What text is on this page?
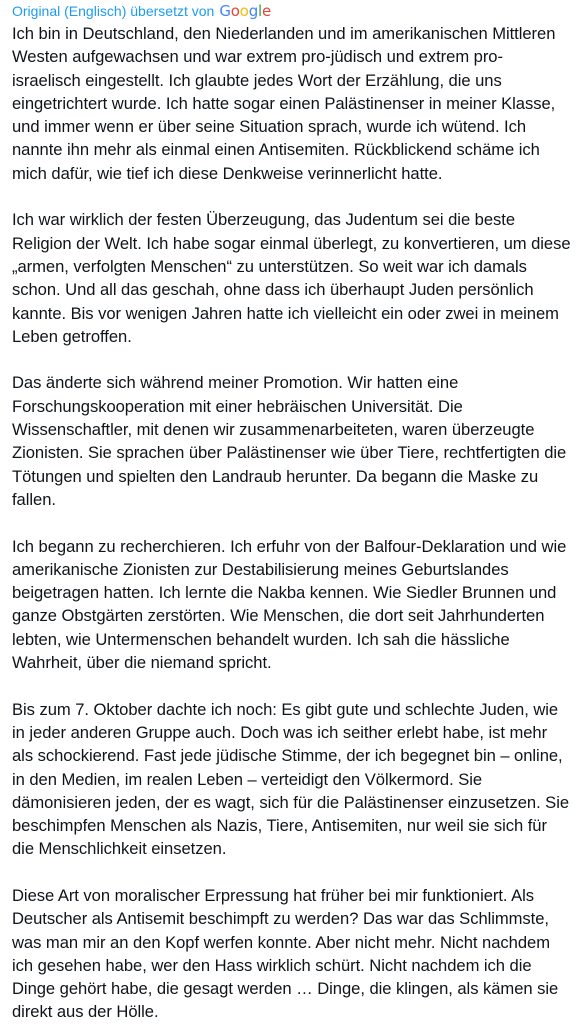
Original (Englisch) übersetzt von Google

Ich bin in Deutschland, den Niederlanden und im amerikanischen Mittleren Westen aufgewachsen und war extrem pro-jüdisch und extrem pro-israelisch eingestellt. Ich glaubte jedes Wort der Erzählung, die uns eingetrichtert wurde. Ich hatte sogar einen Palästinenser in meiner Klasse, und immer wenn er über seine Situation sprach, wurde ich wütend. Ich nannte ihn mehr als einmal einen Antisemiten. Rückblickend schäme ich mich dafür, wie tief ich diese Denkweise verinnerlicht hatte.

Ich war wirklich der festen Überzeugung, das Judentum sei die beste Religion der Welt. Ich habe sogar einmal überlegt, zu konvertieren, um diese „armen, verfolgten Menschen“ zu unterstützen. So weit war ich damals schon. Und all das geschah, ohne dass ich überhaupt Juden persönlich kannte. Bis vor wenigen Jahren hatte ich vielleicht ein oder zwei in meinem Leben getroffen.

Das änderte sich während meiner Promotion. Wir hatten eine Forschungskooperation mit einer hebräischen Universität. Die Wissenschaftler, mit denen wir zusammenarbeiteten, waren überzeugte Zionisten. Sie sprachen über Palästinenser wie über Tiere, rechtfertigten die Tötungen und spielten den Landraub herunter. Da begann die Maske zu fallen.

Ich begann zu recherchieren. Ich erfuhr von der Balfour-Deklaration und wie amerikanische Zionisten zur Destabilisierung meines Geburtslandes beigetragen hatten. Ich lernte die Nakba kennen. Wie Siedler Brunnen und ganze Obstgärten zerstörten. Wie Menschen, die dort seit Jahrhunderten lebten, wie Untermenschen behandelt wurden. Ich sah die hässliche Wahrheit, über die niemand spricht.

Bis zum 7. Oktober dachte ich noch: Es gibt gute und schlechte Juden, wie in jeder anderen Gruppe auch. Doch was ich seither erlebt habe, ist mehr als schockierend. Fast jede jüdische Stimme, der ich begegnet bin – online, in den Medien, im realen Leben – verteidigt den Völkermord. Sie dämonisieren jeden, der es wagt, sich für die Palästinenser einzusetzen. Sie beschimpfen Menschen als Nazis, Tiere, Antisemiten, nur weil sie sich für die Menschlichkeit einsetzen.

Diese Art von moralischer Erpressung hat früher bei mir funktioniert. Als Deutscher als Antisemit beschimpft zu werden? Das war das Schlimmste, was man mir an den Kopf werfen konnte. Aber nicht mehr. Nicht nachdem ich gesehen habe, wer den Hass wirklich schürt. Nicht nachdem ich die Dinge gehört habe, die gesagt werden … Dinge, die klingen, als kämen sie direkt aus der Hölle.
